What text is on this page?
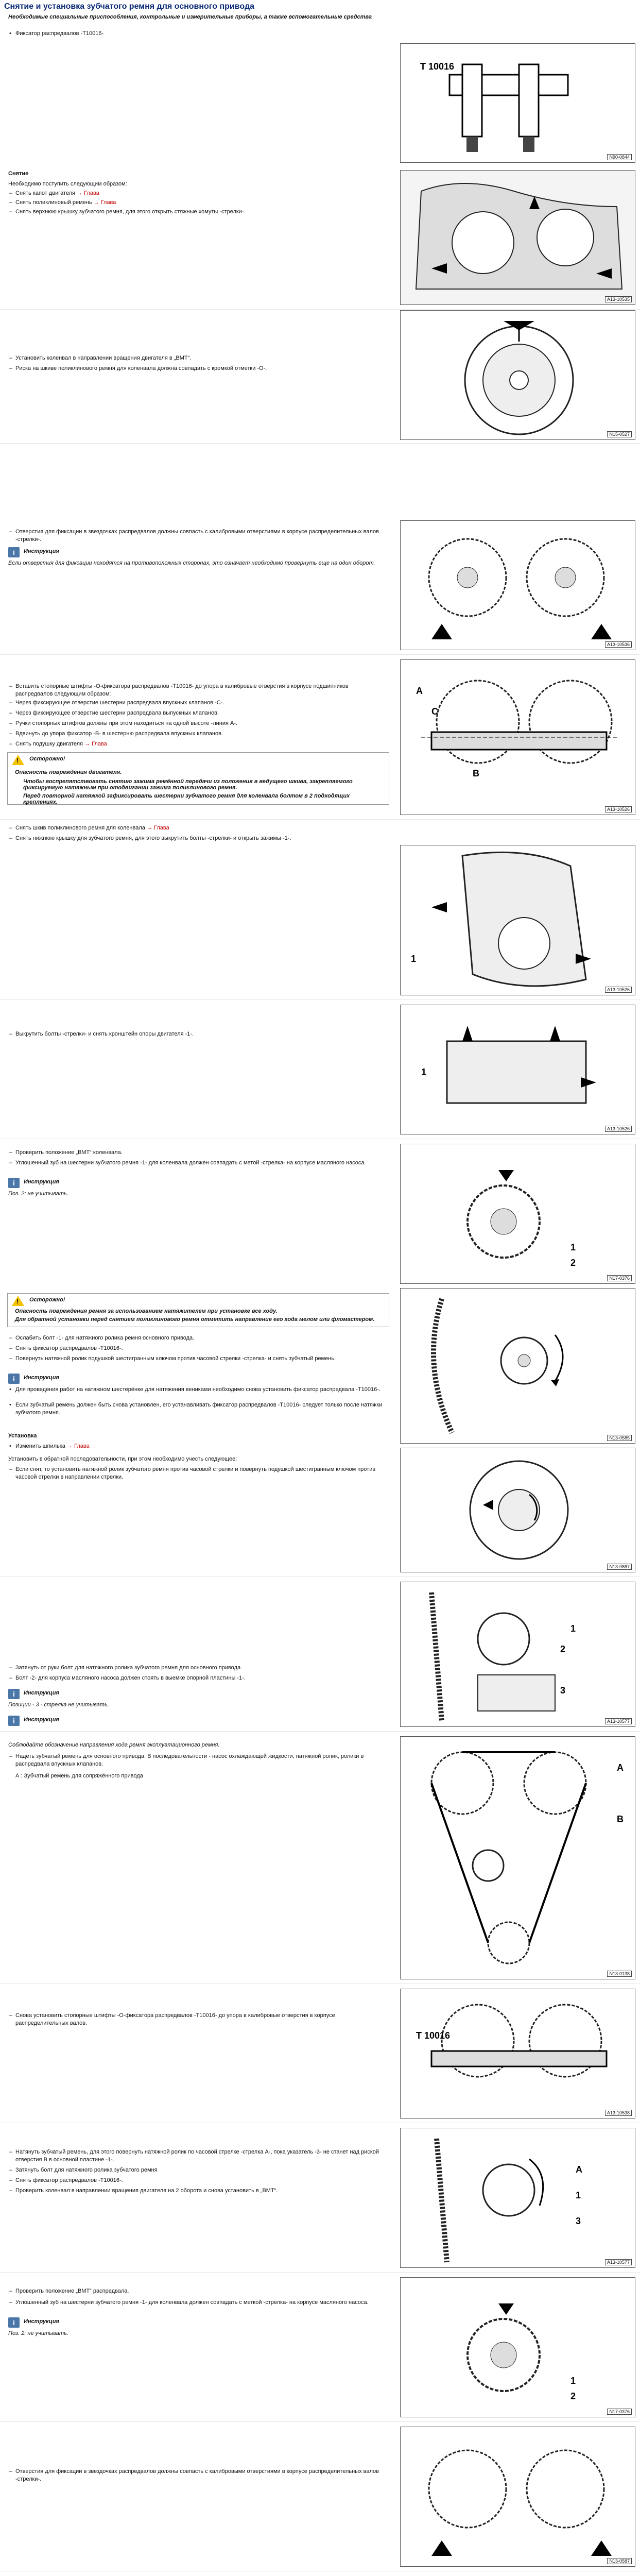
Снятие и установка зубчатого ремня для основного привода
Необходимые специальные приспособления, контрольные и измерительные приборы, а также вспомогательные средства
• Фиксатор распредвалов -T10016-
T 10016
N90-0844
Снятие
Необходимо поступить следующим образом:
– Снять капот двигателя → Глава
– Снять поликлиновый ремень → Глава
– Снять верхнюю крышку зубчатого ремня, для этого открыть стяжные хомуты -стрелки-.
A13-10535
– Установить коленвал в направлении вращения двигателя в „ВМТ“.
– Риска на шкиве поликлинового ремня для коленвала должна совпадать с кромкой отметки -О-.
N15-0527
– Отверстия для фиксации в звездочках распредвалов должны совпасть с калибровыми отверстиями в корпусе распределительных валов -стрелки-.
i	Инструкция
Если отверстия для фиксации находятся на противоположных сторонах, это означает необходимо провернуть еще на один оборот.
A13-10536
– Вставить стопорные штифты -О-фиксатора распредвалов -T10016- до упора в калибровые отверстия в корпусе подшипников распредвалов следующим образом:
– Через фиксирующее отверстие шестерни распредвала впускных клапанов -С-.
– Через фиксирующее отверстие шестерни распредвала выпускных клапанов.
– Ручки стопорных штифтов должны при этом находиться на одной высоте -линия А-.
– Вдвинуть до упора фиксатор -В- в шестерню распредвала впускных клапанов.
– Снять подушку двигателя → Глава
! Осторожно!
Опасность повреждения двигателя.
Чтобы воспрепятствовать снятию зажима ремённой передачи из положения в ведущего шкива, закрепляемого фиксируемую натяжным при отодвигании зажима поликлинового ремня.
Перед повторной натяжкой зафиксировать шестерни зубчатого ремня для коленвала болтом в 2 подходящих креплениях.
A
B
C
A13-10526
– Снять шкив поликлинового ремня для коленвала → Глава
– Снять нижнюю крышку для зубчатого ремня, для этого выкрутить болты -стрелки- и открыть зажимы -1-.
1
A13-10526
– Выкрутить болты -стрелки- и снять кронштейн опоры двигателя -1-.
1
A13-10526
– Проверить положение „ВМТ“ коленвала.
– Углошенный зуб на шестерни зубчатого ремня -1- для коленвала должен совпадать с метой -стрелка- на корпусе масляного насоса.
i	Инструкция
Поз. 2: не учитывать.
1
2
N17-0376
! Осторожно!
Опасность повреждения ремня за использованием натяжителем при установке все ходу.
Для обратной установки перед снятием поликлинового ремня отметить направление его хода мелом или фломастером.
– Ослабить болт -1- для натяжного ролика ремня основного привода.
– Снять фиксатор распредвалов -T10016-.
– Повернуть натяжной ролик подушкой шестигранным ключом против часовой стрелки -стрелка- и снять зубчатый ремень.
i	Инструкция
• Для проведения работ на натяжном шестерёнке для натяжения вениками необходимо снова установить фиксатор распредвала -T10016-.
• Если зубчатый ремень должен быть снова установлен, его устанавливать фиксатор распредвалов -T10016- следует только после натяжки зубчатого ремня.
N13-0585
Установка
• Изменить шпилька → Глава
Установить в обратной последовательности, при этом необходимо учесть следующее:
– Если снят, то установить натяжной ролик зубчатого ремня против часовой стрелки и повернуть подушкой шестигранным ключом против часовой стрелки в направлении стрелки.
N13-0887
– Затянуть от руки болт для натяжного ролика зубчатого ремня для основного привода.
– Болт -2- для корпуса масляного насоса должен стоять в выемке опорной пластины -1-.
i	Инструкция
Позиции - 3 - стрелка не учитывать.
i	Инструкция
1
2
3
A13-10577
Соблюдайте обозначение направления хода ремня эксплуатационного ремня.
– Надеть зубчатый ремень для основного привода: В последовательности - насос охлаждающей жидкости, натяжной ролик, ролики в распредвала впускных клапанов.
А : Зубчатый ремень для сопряжённого привода
A
B
N13-0138
– Снова установить стопорные штифты -О-фиксатора распредвалов -T10016- до упора в калибровые отверстия в корпусе распределительных валов.
T 10016
A13-10538
– Натянуть зубчатый ремень, для этого повернуть натяжной ролик по часовой стрелке -стрелка А-, пока указатель -3- не станет над риской отверстия В в основной пластине -1-.
– Затянуть болт для натяжного ролика зубчатого ремня
– Снять фиксатор распредвалов -T10016-.
– Проверить коленвал в направлении вращения двигателя на 2 оборота и снова установить в „ВМТ“.
A
1
3
A13-10577
– Проверить положение „ВМТ“ распредвала.
– Углошенный зуб на шестерни зубчатого ремня -1- для коленвала должен совпадать с меткой -стрелка- на корпусе масляного насоса.
i	Инструкция
Поз. 2: не учитывать.
1
2
N17-0376
– Отверстия для фиксации в звездочках распредвалов должны совпасть с калибровыми отверстиями в корпусе распределительных валов -стрелки-.
N13-0587
